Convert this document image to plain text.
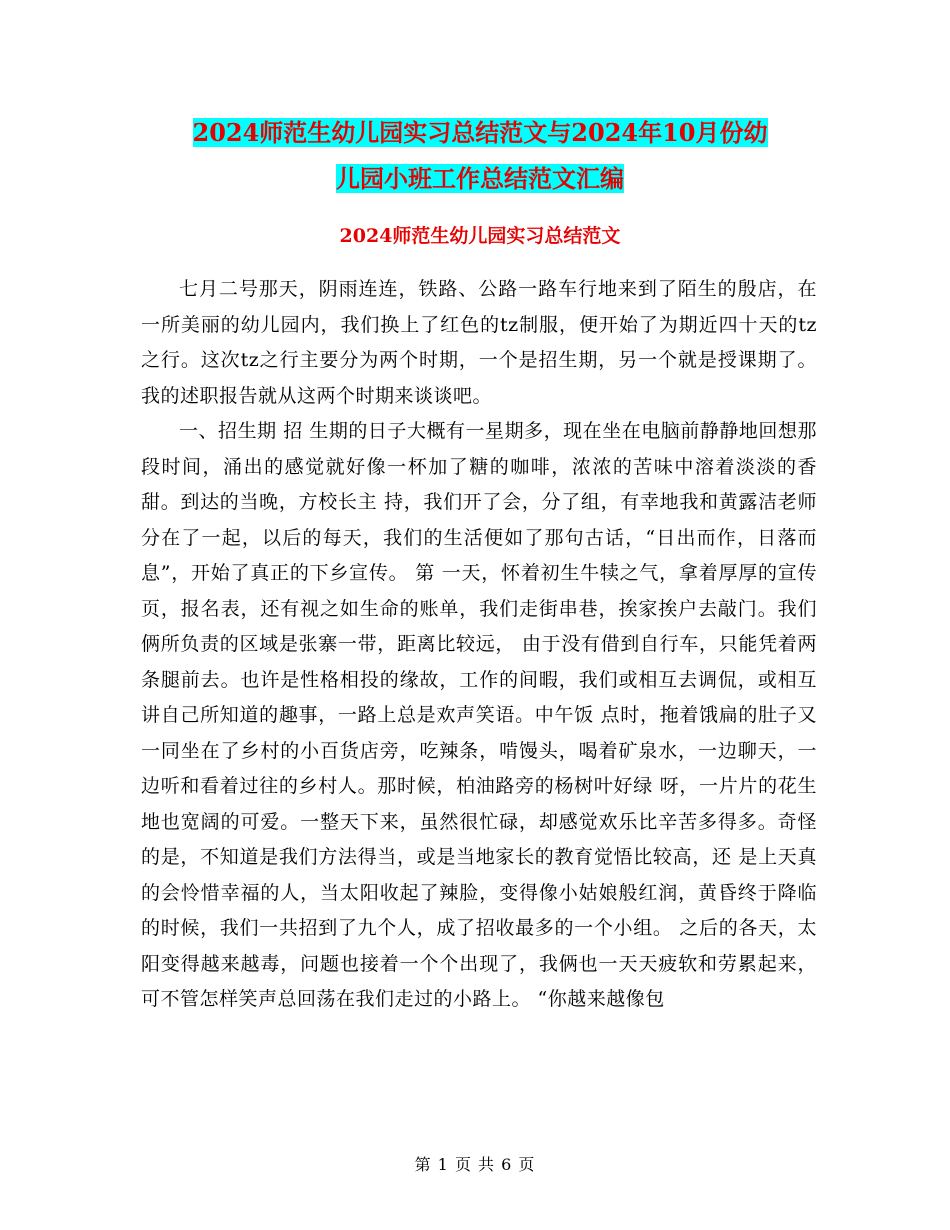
2024师范生幼儿园实习总结范文与2024年10月份幼
儿园小班工作总结范文汇编
2024师范生幼儿园实习总结范文

七月二号那天，阴雨连连，铁路、公路一路车行地来到了陌生的殷店，在一所美丽的幼儿园内，我们换上了红色的tz制服，便开始了为期近四十天的tz之行。这次tz之行主要分为两个时期，一个是招生期，另一个就是授课期了。我的述职报告就从这两个时期来谈谈吧。

一、招生期 招 生期的日子大概有一星期多，现在坐在电脑前静静地回想那段时间，涌出的感觉就好像一杯加了糖的咖啡，浓浓的苦味中溶着淡淡的香甜。到达的当晚，方校长主 持，我们开了会，分了组，有幸地我和黄露洁老师分在了一起，以后的每天，我们的生活便如了那句古话，“日出而作，日落而息”，开始了真正的下乡宣传。 第 一天，怀着初生牛犊之气，拿着厚厚的宣传页，报名表，还有视之如生命的账单，我们走街串巷，挨家挨户去敲门。我们俩所负责的区域是张寨一带，距离比较远， 由于没有借到自行车，只能凭着两条腿前去。也许是性格相投的缘故，工作的间暇，我们或相互去调侃，或相互讲自己所知道的趣事，一路上总是欢声笑语。中午饭 点时，拖着饿扁的肚子又一同坐在了乡村的小百货店旁，吃辣条，啃馒头，喝着矿泉水，一边聊天，一边听和看着过往的乡村人。那时候，柏油路旁的杨树叶好绿 呀，一片片的花生地也宽阔的可爱。一整天下来，虽然很忙碌，却感觉欢乐比辛苦多得多。奇怪的是，不知道是我们方法得当，或是当地家长的教育觉悟比较高，还 是上天真的会怜惜幸福的人，当太阳收起了辣脸，变得像小姑娘般红润，黄昏终于降临的时候，我们一共招到了九个人，成了招收最多的一个小组。 之后的各天，太阳变得越来越毒，问题也接着一个个出现了，我俩也一天天疲软和劳累起来，可不管怎样笑声总回荡在我们走过的小路上。 “你越来越像包

第 1 页 共 6 页
